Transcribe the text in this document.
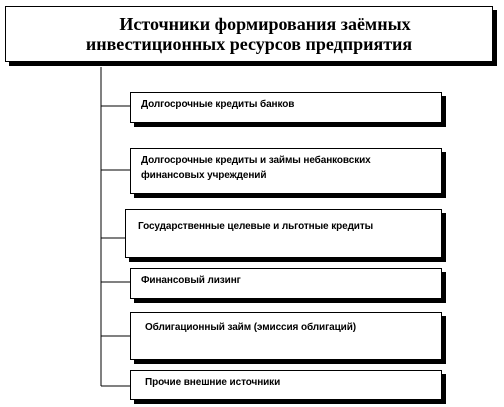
Источники формирования заёмных
инвестиционных ресурсов предприятия
Долгосрочные кредиты банков
Долгосрочные кредиты и займы небанковских финансовых учреждений
Государственные целевые и льготные кредиты
Финансовый лизинг
Облигационный займ (эмиссия облигаций)
Прочие внешние источники
